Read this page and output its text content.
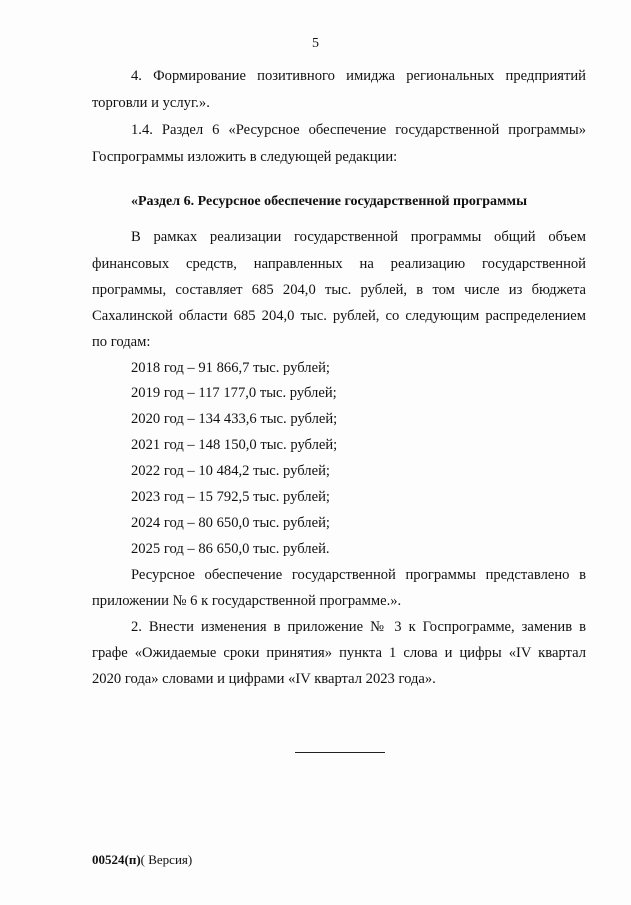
5
4. Формирование позитивного имиджа региональных предприятий
торговли и услуг.».
1.4. Раздел 6 «Ресурсное обеспечение государственной программы»
Госпрограммы изложить в следующей редакции:
«Раздел 6. Ресурсное обеспечение государственной программы
В рамках реализации государственной программы общий объем
финансовых средств, направленных на реализацию государственной
программы, составляет 685 204,0 тыс. рублей, в том числе из бюджета
Сахалинской области 685 204,0 тыс. рублей, со следующим распределением
по годам:
2018 год – 91 866,7 тыс. рублей;
2019 год – 117 177,0 тыс. рублей;
2020 год – 134 433,6 тыс. рублей;
2021 год – 148 150,0 тыс. рублей;
2022 год – 10 484,2 тыс. рублей;
2023 год – 15 792,5 тыс. рублей;
2024 год – 80 650,0 тыс. рублей;
2025 год – 86 650,0 тыс. рублей.
Ресурсное обеспечение государственной программы представлено в
приложении № 6 к государственной программе.».
2. Внести изменения в приложение № 3 к Госпрограмме, заменив в
графе «Ожидаемые сроки принятия» пункта 1 слова и цифры «IV квартал
2020 года» словами и цифрами «IV квартал 2023 года».
00524(п)( Версия)
